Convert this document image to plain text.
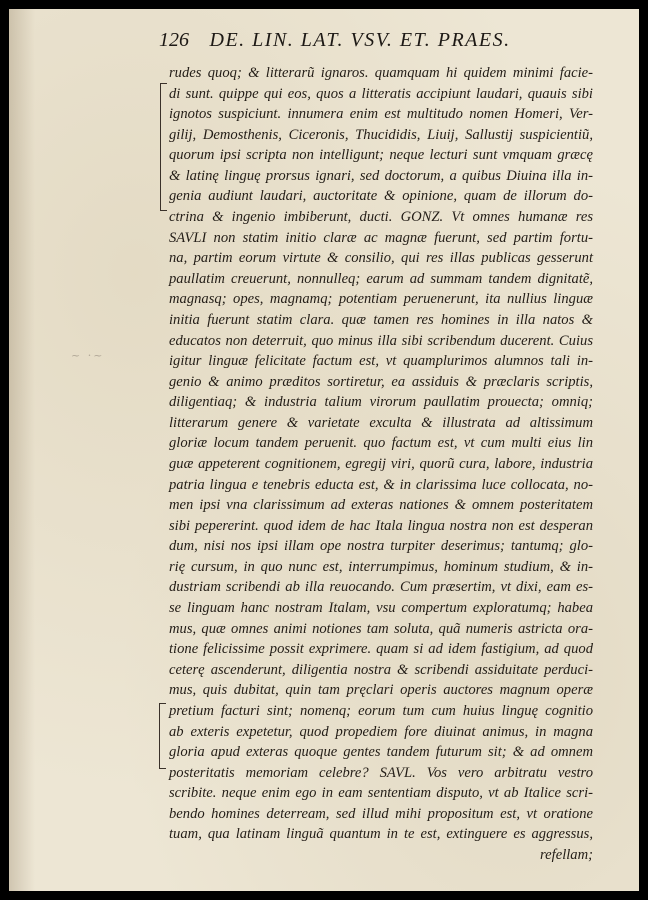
126 DE. LIN. LAT. VSV. ET. PRAES.
~ ·~
rudes quoq; & litterarũ ignaros. quamquam hi quidem minimi facie-
di sunt. quippe qui eos, quos a litteratis accipiunt laudari, quauis sibi
ignotos suspiciunt. innumera enim est multitudo nomen Homeri, Ver-
gilij, Demosthenis, Ciceronis, Thucididis, Liuij, Sallustij suspicientiũ,
quorum ipsi scripta non intelligunt; neque lecturi sunt vmquam græcę
& latinę linguę prorsus ignari, sed doctorum, a quibus Diuina illa in-
genia audiunt laudari, auctoritate & opinione, quam de illorum do-
ctrina & ingenio imbiberunt, ducti. GONZ. Vt omnes humanæ res
SAVLI non statim initio claræ ac magnæ fuerunt, sed partim fortu-
na, partim eorum virtute & consilio, qui res illas publicas gesserunt
paullatim creuerunt, nonnulleq; earum ad summam tandem dignitatẽ,
magnasq; opes, magnamq; potentiam peruenerunt, ita nullius linguæ
initia fuerunt statim clara. quæ tamen res homines in illa natos &
educatos non deterruit, quo minus illa sibi scribendum ducerent. Cuius
igitur linguæ felicitate factum est, vt quamplurimos alumnos tali in-
genio & animo præditos sortiretur, ea assiduis & præclaris scriptis,
diligentiaq; & industria talium virorum paullatim prouecta; omniq;
litterarum genere & varietate exculta & illustrata ad altissimum
gloriæ locum tandem peruenit. quo factum est, vt cum multi eius lin
guæ appeterent cognitionem, egregij viri, quorũ cura, labore, industria
patria lingua e tenebris educta est, & in clarissima luce collocata, no-
men ipsi vna clarissimum ad exteras nationes & omnem posteritatem
sibi pepererint. quod idem de hac Itala lingua nostra non est desperan
dum, nisi nos ipsi illam ope nostra turpiter deserimus; tantumq; glo-
rię cursum, in quo nunc est, interrumpimus, hominum studium, & in-
dustriam scribendi ab illa reuocando. Cum præsertim, vt dixi, eam es-
se linguam hanc nostram Italam, vsu compertum exploratumq; habea
mus, quæ omnes animi notiones tam soluta, quã numeris astricta ora-
tione felicissime possit exprimere. quam si ad idem fastigium, ad quod
ceterę ascenderunt, diligentia nostra & scribendi assiduitate perduci-
mus, quis dubitat, quin tam pręclari operis auctores magnum operæ
pretium facturi sint; nomenq; eorum tum cum huius linguę cognitio
ab exteris expetetur, quod propediem fore diuinat animus, in magna
gloria apud exteras quoque gentes tandem futurum sit; & ad omnem
posteritatis memoriam celebre? SAVL. Vos vero arbitratu vestro
scribite. neque enim ego in eam sententiam disputo, vt ab Italice scri-
bendo homines deterream, sed illud mihi propositum est, vt oratione
tuam, qua latinam linguã quantum in te est, extinguere es aggressus,
refellam;
